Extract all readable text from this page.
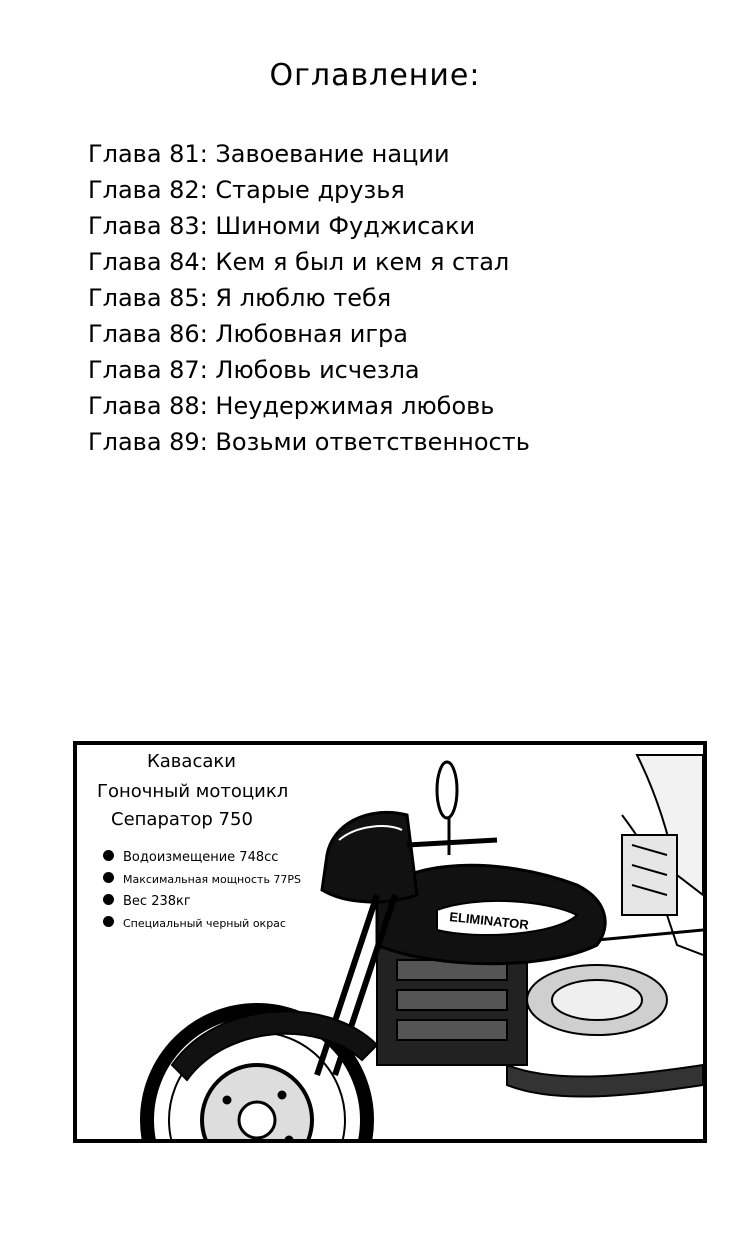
Оглавление:
Глава 81: Завоевание нации
Глава 82: Старые друзья
Глава 83: Шиноми Фуджисаки
Глава 84: Кем я был и кем я стал
Глава 85: Я люблю тебя
Глава 86: Любовная игра
Глава 87: Любовь исчезла
Глава 88: Неудержимая любовь
Глава 89: Возьми ответственность
ELIMINATOR
Кавасаки
Гоночный мотоцикл
Сепаратор 750
Водоизмещение 748сс
Максимальная мощность 77PS
Вес 238кг
Специальный черный окрас
